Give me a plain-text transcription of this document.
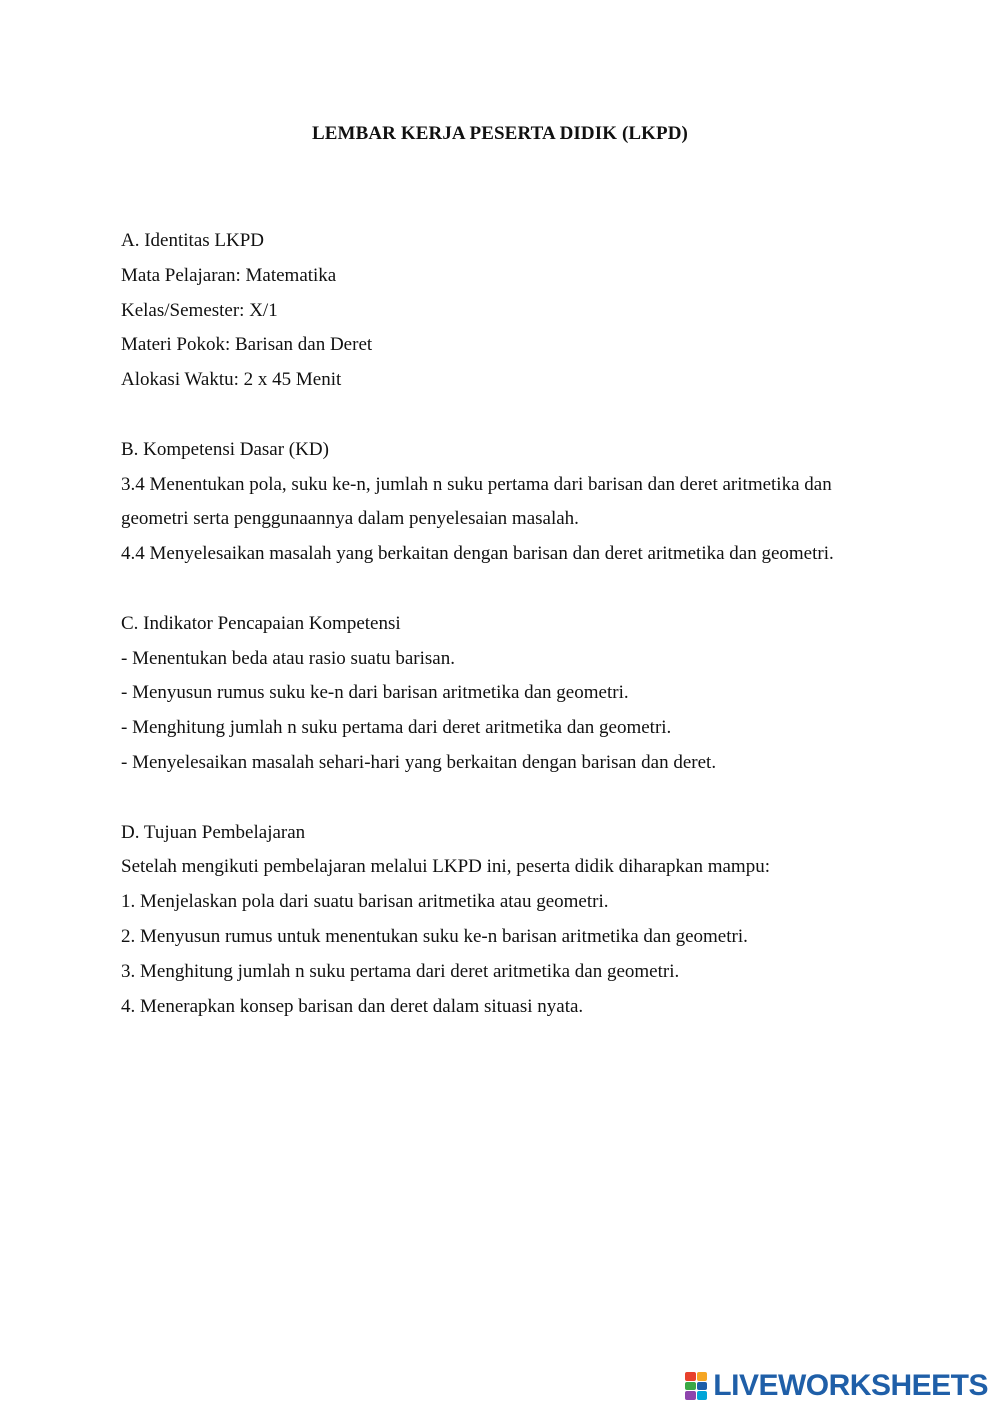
LEMBAR KERJA PESERTA DIDIK (LKPD)
A. Identitas LKPD
Mata Pelajaran: Matematika
Kelas/Semester: X/1
Materi Pokok: Barisan dan Deret
Alokasi Waktu: 2 x 45 Menit
B. Kompetensi Dasar (KD)
3.4 Menentukan pola, suku ke-n, jumlah n suku pertama dari barisan dan deret aritmetika dan
geometri serta penggunaannya dalam penyelesaian masalah.
4.4 Menyelesaikan masalah yang berkaitan dengan barisan dan deret aritmetika dan geometri.
C. Indikator Pencapaian Kompetensi
- Menentukan beda atau rasio suatu barisan.
- Menyusun rumus suku ke-n dari barisan aritmetika dan geometri.
- Menghitung jumlah n suku pertama dari deret aritmetika dan geometri.
- Menyelesaikan masalah sehari-hari yang berkaitan dengan barisan dan deret.
D. Tujuan Pembelajaran
Setelah mengikuti pembelajaran melalui LKPD ini, peserta didik diharapkan mampu:
1. Menjelaskan pola dari suatu barisan aritmetika atau geometri.
2. Menyusun rumus untuk menentukan suku ke-n barisan aritmetika dan geometri.
3. Menghitung jumlah n suku pertama dari deret aritmetika dan geometri.
4. Menerapkan konsep barisan dan deret dalam situasi nyata.
LIVEWORKSHEETS
